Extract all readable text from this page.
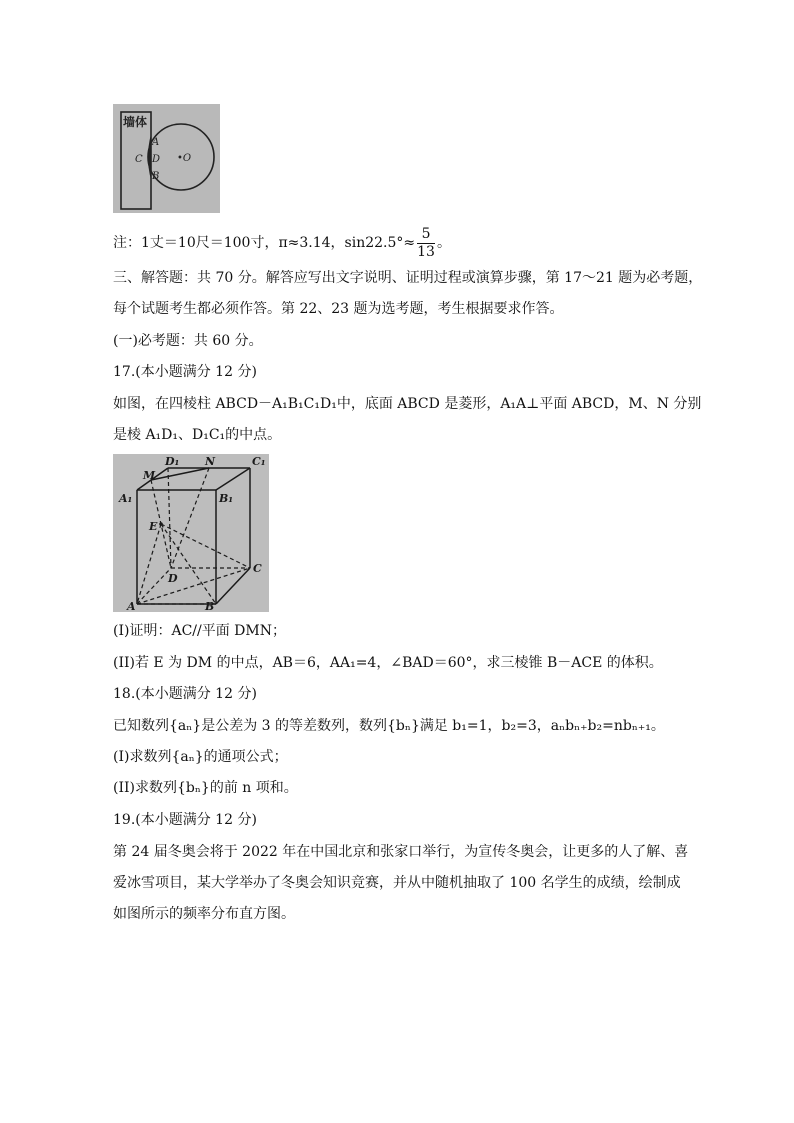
墙体
A
C D
B
•O
注：1丈＝10尺＝100寸，π≈3.14，$\sin 22.5^\circ\approx \frac{5}{13}$ 。
三、解答题：共 70 分。解答应写出文字说明、证明过程或演算步骤，第 17～21 题为必考题，
每个试题考生都必须作答。第 22、23 题为选考题，考生根据要求作答。
(一)必考题：共 60 分。
17.(本小题满分 12 分)
如图，在四棱柱 ABCD－A₁B₁C₁D₁中，底面 ABCD 是菱形，A₁A⊥平面 ABCD，M、N 分别
是棱 A₁D₁、D₁C₁的中点。
D₁ N	C₁
M
A₁	B₁
E
D
C
A	B
(I)证明：AC//平面 DMN；
(II)若 E 为 DM 的中点，AB＝6，AA₁=4，∠BAD＝60°，求三棱锥 B－ACE 的体积。
18.(本小题满分 12 分)
已知数列{aₙ}是公差为 3 的等差数列，数列{bₙ}满足 b₁=1，b₂=3，aₙbₙ₊b₂=nbₙ₊₁。
(I)求数列{aₙ}的通项公式；
(II)求数列{bₙ}的前 n 项和。
19.(本小题满分 12 分)
第 24 届冬奥会将于 2022 年在中国北京和张家口举行，为宣传冬奥会，让更多的人了解、喜
爱冰雪项目，某大学举办了冬奥会知识竞赛，并从中随机抽取了 100 名学生的成绩，绘制成
如图所示的频率分布直方图。
